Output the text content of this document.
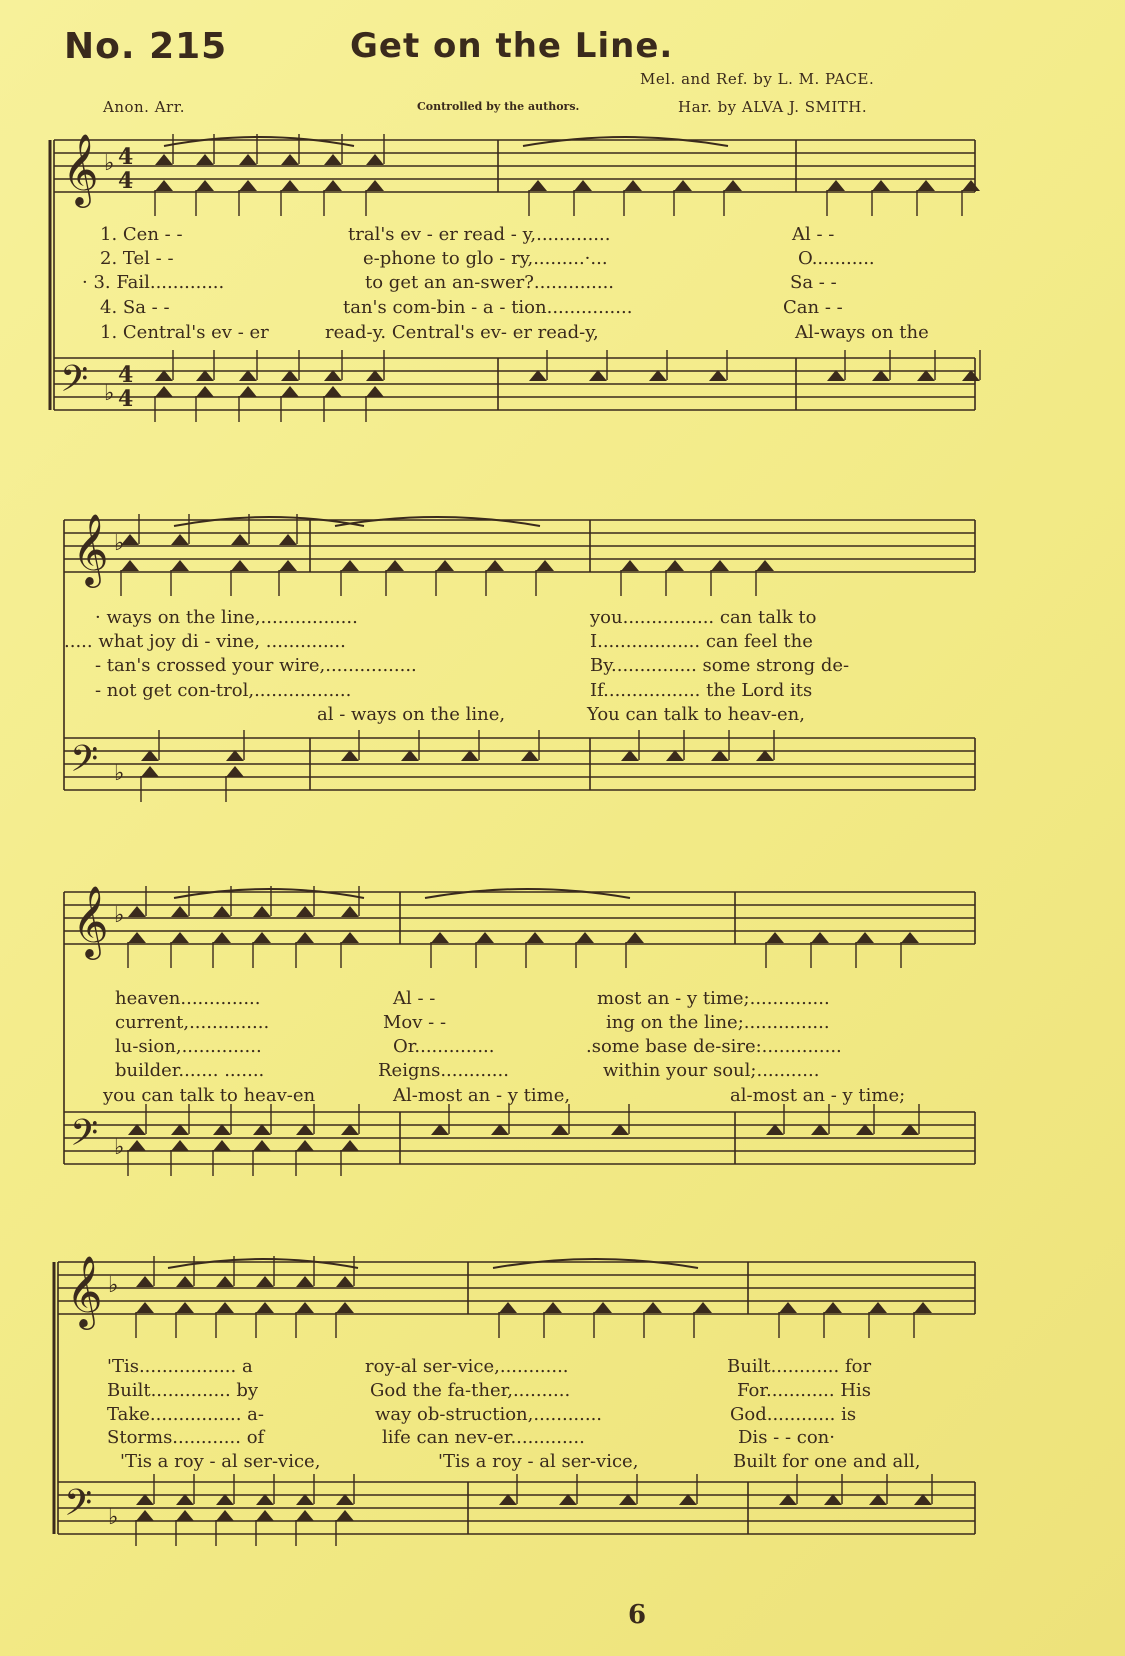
No. 215	Get on the Line.
Mel. and Ref. by L. M. PACE.
Anon. Arr.	Controlled by the authors.	Har. by ALVA J. SMITH.
𝄞
𝄢
♭
♭
4
4
4
4
𝄞
𝄢
♭
♭
𝄞
𝄢
♭
♭
𝄞
𝄢
♭
♭
1. Cen - -
2. Tel - -
· 3. Fail.............
4. Sa - -
1. Central's ev - er
tral's ev - er read - y,.............
e-phone to glo - ry,.........·...
to get an an-swer?..............
tan's com-bin - a - tion...............
read-y. Central's ev- er read-y,
Al - -
O...........
Sa - -
Can - -
Al-ways on the
· ways on the line,.................
..... what joy di - vine, ..............
- tan's crossed your wire,................
- not get con-trol,.................
al - ways on the line,
you................ can talk to
I.................. can feel the
By............... some strong de-
If................. the Lord its
You can talk to heav-en,
heaven..............
current,..............
lu-sion,..............
builder....... .......
you can talk to heav-en
Al - -
Mov - -
Or..............
Reigns............
Al-most an - y time,
most an - y time;..............
ing on the line;...............
.some base de-sire:..............
within your soul;...........
al-most an - y time;
'Tis................. a
Built.............. by
Take................ a-
Storms............ of
'Tis a roy - al ser-vice,
roy-al ser-vice,............
God the fa-ther,..........
way ob-struction,............
life can nev-er.............
'Tis a roy - al ser-vice,
Built............ for
For............ His
God............ is
Dis - - con·
Built for one and all,
6
